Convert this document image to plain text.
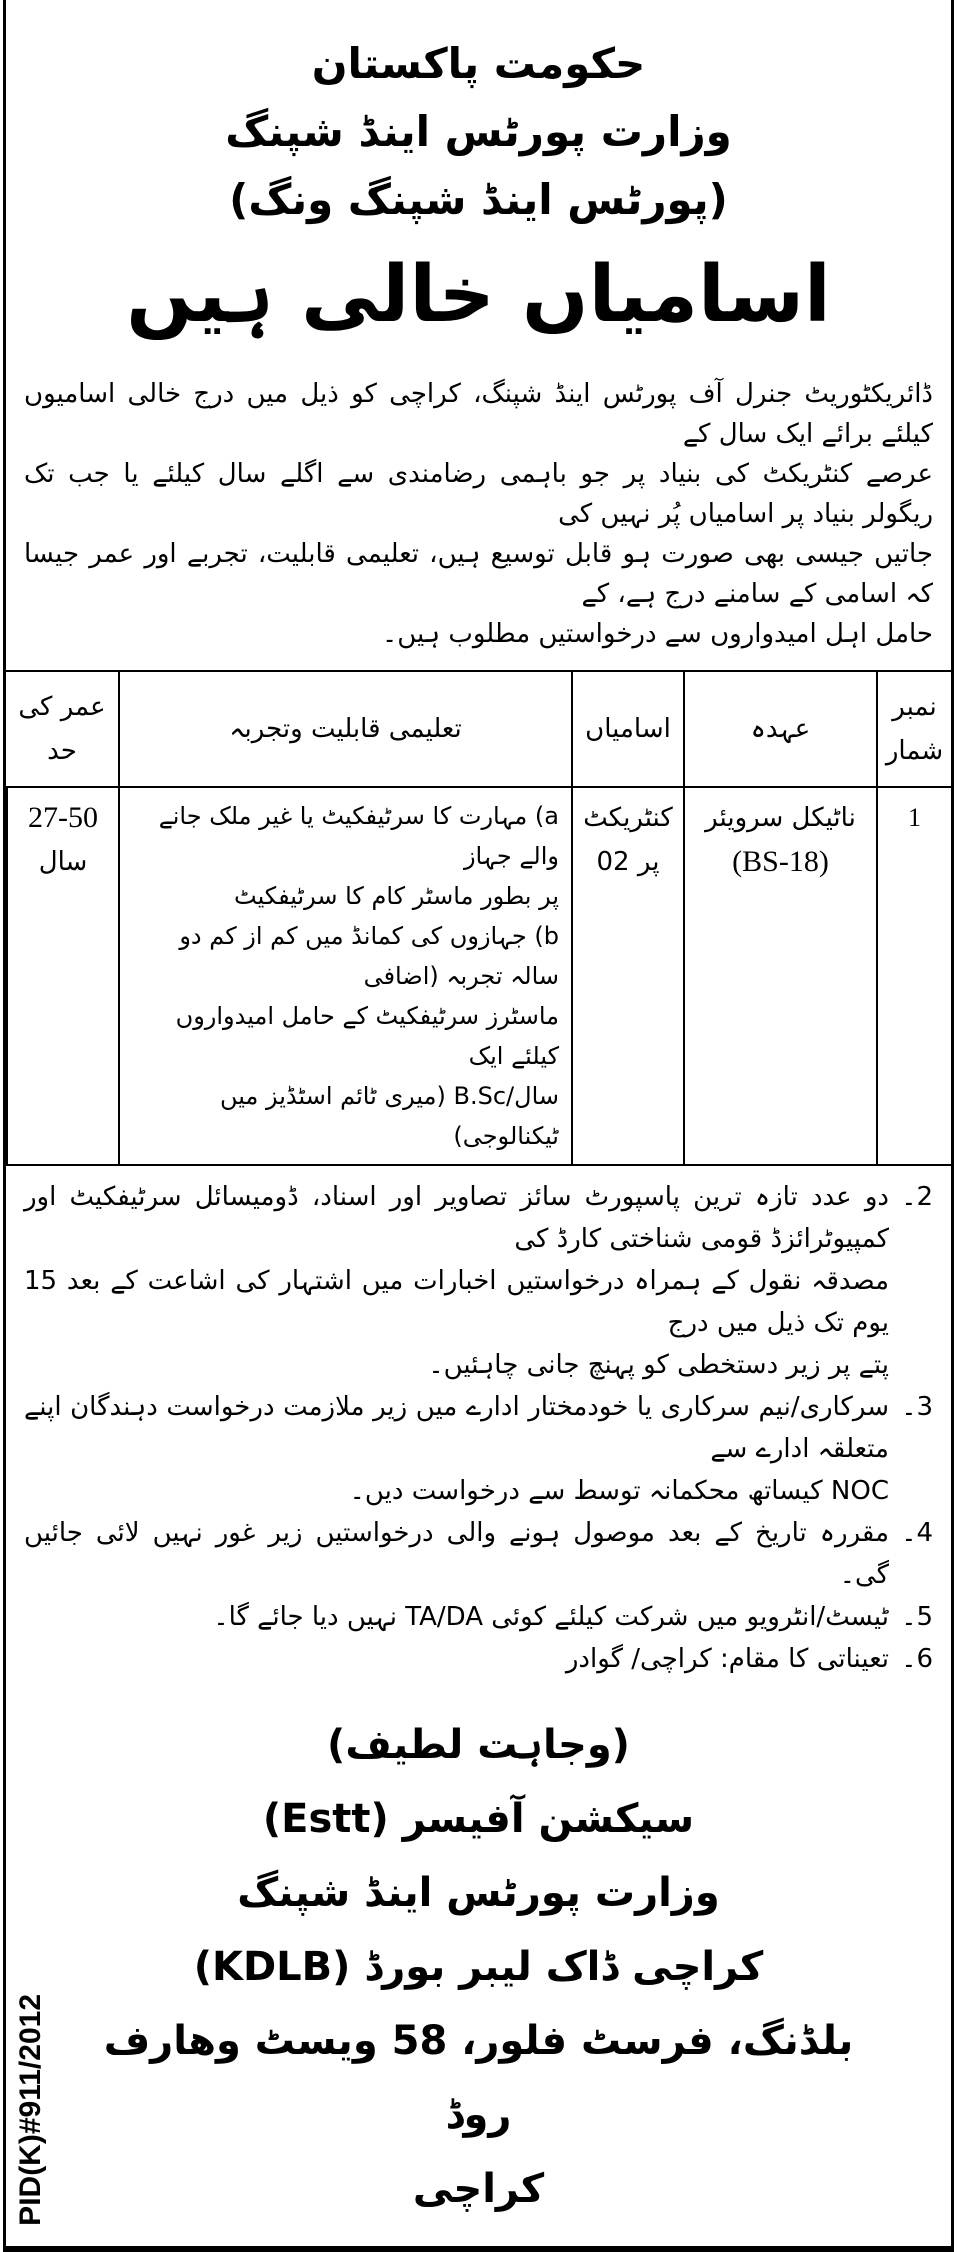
حکومت پاکستان
وزارت پورٹس اینڈ شپنگ
(پورٹس اینڈ شپنگ ونگ)
اسامیاں خالی ہیں
ڈائریکٹوریٹ جنرل آف پورٹس اینڈ شپنگ، کراچی کو ذیل میں درج خالی اسامیوں کیلئے برائے ایک سال کے
عرصے کنٹریکٹ کی بنیاد پر جو باہمی رضامندی سے اگلے سال کیلئے یا جب تک ریگولر بنیاد پر اسامیاں پُر نہیں کی
جاتیں جیسی بھی صورت ہو قابل توسیع ہیں، تعلیمی قابلیت، تجربے اور عمر جیسا کہ اسامی کے سامنے درج ہے، کے
حامل اہل امیدواروں سے درخواستیں مطلوب ہیں۔
عمر کی حد
تعلیمی قابلیت وتجربہ	اسامیاں	عہدہ
نمبر
شمار
27-50
سال
a) مہارت کا سرٹیفکیٹ یا غیر ملک جانے والے جہاز
پر بطور ماسٹر کام کا سرٹیفکیٹ
b) جہازوں کی کمانڈ میں کم از کم دو سالہ تجربہ (اضافی
ماسٹرز سرٹیفکیٹ کے حامل امیدواروں کیلئے ایک
سال/B.Sc (میری ٹائم اسٹڈیز میں ٹیکنالوجی)
کنٹریکٹ
پر 02
ناٹیکل سرویئر
(BS-18)
1
2۔
دو عدد تازہ ترین پاسپورٹ سائز تصاویر اور اسناد، ڈومیسائل سرٹیفکیٹ اور کمپیوٹرائزڈ قومی شناختی کارڈ کی
مصدقہ نقول کے ہمراہ درخواستیں اخبارات میں اشتہار کی اشاعت کے بعد 15 یوم تک ذیل میں درج
پتے پر زیر دستخطی کو پہنچ جانی چاہئیں۔
3۔
سرکاری/نیم سرکاری یا خودمختار ادارے میں زیر ملازمت درخواست دہندگان اپنے متعلقہ ادارے سے
NOC کیساتھ محکمانہ توسط سے درخواست دیں۔
4۔
مقررہ تاریخ کے بعد موصول ہونے والی درخواستیں زیر غور نہیں لائی جائیں گی۔
5۔
ٹیسٹ/انٹرویو میں شرکت کیلئے کوئی TA/DA نہیں دیا جائے گا۔
6۔
تعیناتی کا مقام: کراچی/ گوادر
(وجاہت لطیف)
سیکشن آفیسر (Estt)
وزارت پورٹس اینڈ شپنگ
کراچی ڈاک لیبر بورڈ (KDLB)
بلڈنگ، فرسٹ فلور، 58 ویسٹ وھارف روڈ
کراچی
PID(K)#911/2012
